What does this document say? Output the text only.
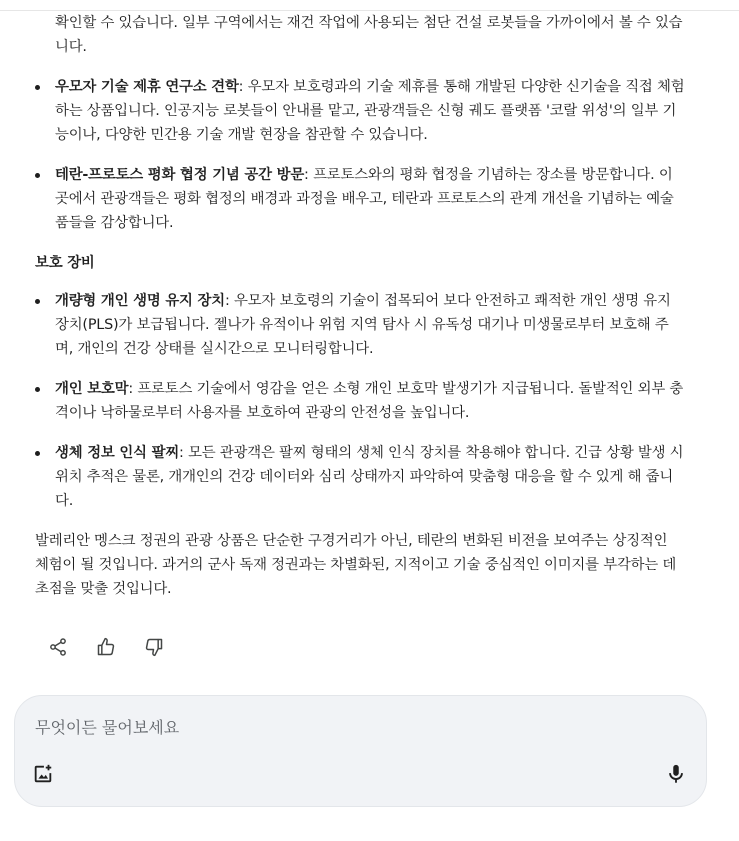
확인할 수 있습니다. 일부 구역에서는 재건 작업에 사용되는 첨단 건설 로봇들을 가까이에서 볼 수 있습니다.
우모자 기술 제휴 연구소 견학: 우모자 보호령과의 기술 제휴를 통해 개발된 다양한 신기술을 직접 체험하는 상품입니다. 인공지능 로봇들이 안내를 맡고, 관광객들은 신형 궤도 플랫폼 '코랄 위성'의 일부 기능이나, 다양한 민간용 기술 개발 현장을 참관할 수 있습니다.
테란-프로토스 평화 협정 기념 공간 방문: 프로토스와의 평화 협정을 기념하는 장소를 방문합니다. 이 곳에서 관광객들은 평화 협정의 배경과 과정을 배우고, 테란과 프로토스의 관계 개선을 기념하는 예술품들을 감상합니다.

보호 장비

개량형 개인 생명 유지 장치: 우모자 보호령의 기술이 접목되어 보다 안전하고 쾌적한 개인 생명 유지 장치(PLS)가 보급됩니다. 젤나가 유적이나 위험 지역 탐사 시 유독성 대기나 미생물로부터 보호해 주며, 개인의 건강 상태를 실시간으로 모니터링합니다.
개인 보호막: 프로토스 기술에서 영감을 얻은 소형 개인 보호막 발생기가 지급됩니다. 돌발적인 외부 충격이나 낙하물로부터 사용자를 보호하여 관광의 안전성을 높입니다.
생체 정보 인식 팔찌: 모든 관광객은 팔찌 형태의 생체 인식 장치를 착용해야 합니다. 긴급 상황 발생 시 위치 추적은 물론, 개개인의 건강 데이터와 심리 상태까지 파악하여 맞춤형 대응을 할 수 있게 해 줍니다.

발레리안 멩스크 정권의 관광 상품은 단순한 구경거리가 아닌, 테란의 변화된 비전을 보여주는 상징적인 체험이 될 것입니다. 과거의 군사 독재 정권과는 차별화된, 지적이고 기술 중심적인 이미지를 부각하는 데 초점을 맞출 것입니다.

무엇이든 물어보세요
